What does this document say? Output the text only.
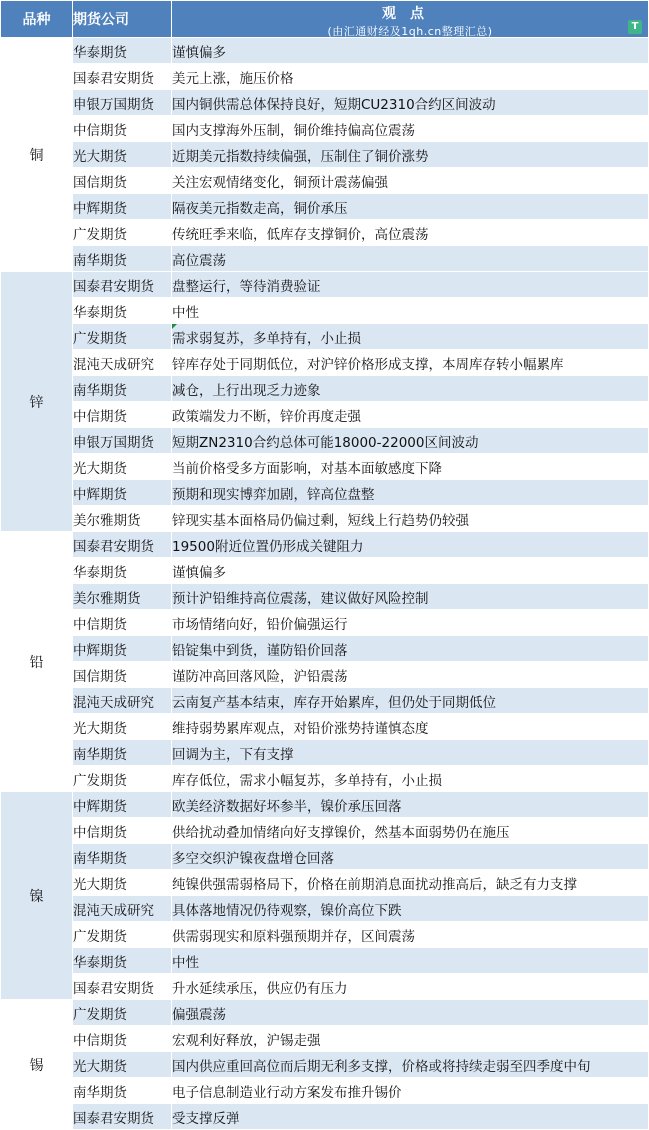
品种	期货公司	观点
(由汇通财经及1qh.cn整理汇总) T

铜	华泰期货	谨慎偏多
	国泰君安期货	美元上涨，施压价格
	申银万国期货	国内铜供需总体保持良好，短期CU2310合约区间波动
	中信期货	国内支撑海外压制，铜价维持偏高位震荡
	光大期货	近期美元指数持续偏强，压制住了铜价涨势
	国信期货	关注宏观情绪变化，铜预计震荡偏强
	中辉期货	隔夜美元指数走高，铜价承压
	广发期货	传统旺季来临，低库存支撑铜价，高位震荡
	南华期货	高位震荡
锌	国泰君安期货	盘整运行，等待消费验证
	华泰期货	中性
	广发期货	需求弱复苏，多单持有，小止损
	混沌天成研究	锌库存处于同期低位，对沪锌价格形成支撑，本周库存转小幅累库
	南华期货	减仓，上行出现乏力迹象
	中信期货	政策端发力不断，锌价再度走强
	申银万国期货	短期ZN2310合约总体可能18000-22000区间波动
	光大期货	当前价格受多方面影响，对基本面敏感度下降
	中辉期货	预期和现实博弈加剧，锌高位盘整
	美尔雅期货	锌现实基本面格局仍偏过剩，短线上行趋势仍较强
铅	国泰君安期货	19500附近位置仍形成关键阻力
	华泰期货	谨慎偏多
	美尔雅期货	预计沪铅维持高位震荡，建议做好风险控制
	中信期货	市场情绪向好，铅价偏强运行
	中辉期货	铅锭集中到货，谨防铅价回落
	国信期货	谨防冲高回落风险，沪铅震荡
	混沌天成研究	云南复产基本结束，库存开始累库，但仍处于同期低位
	光大期货	维持弱势累库观点，对铅价涨势持谨慎态度
	南华期货	回调为主，下有支撑
	广发期货	库存低位，需求小幅复苏，多单持有，小止损
镍	中辉期货	欧美经济数据好坏参半，镍价承压回落
	中信期货	供给扰动叠加情绪向好支撑镍价，然基本面弱势仍在施压
	南华期货	多空交织沪镍夜盘增仓回落
	光大期货	纯镍供强需弱格局下，价格在前期消息面扰动推高后，缺乏有力支撑
	混沌天成研究	具体落地情况仍待观察，镍价高位下跌
	广发期货	供需弱现实和原料强预期并存，区间震荡
	华泰期货	中性
	国泰君安期货	升水延续承压，供应仍有压力
锡	广发期货	偏强震荡
	中信期货	宏观利好释放，沪锡走强
	光大期货	国内供应重回高位而后期无利多支撑，价格或将持续走弱至四季度中旬
	南华期货	电子信息制造业行动方案发布推升锡价
	国泰君安期货	受支撑反弹
